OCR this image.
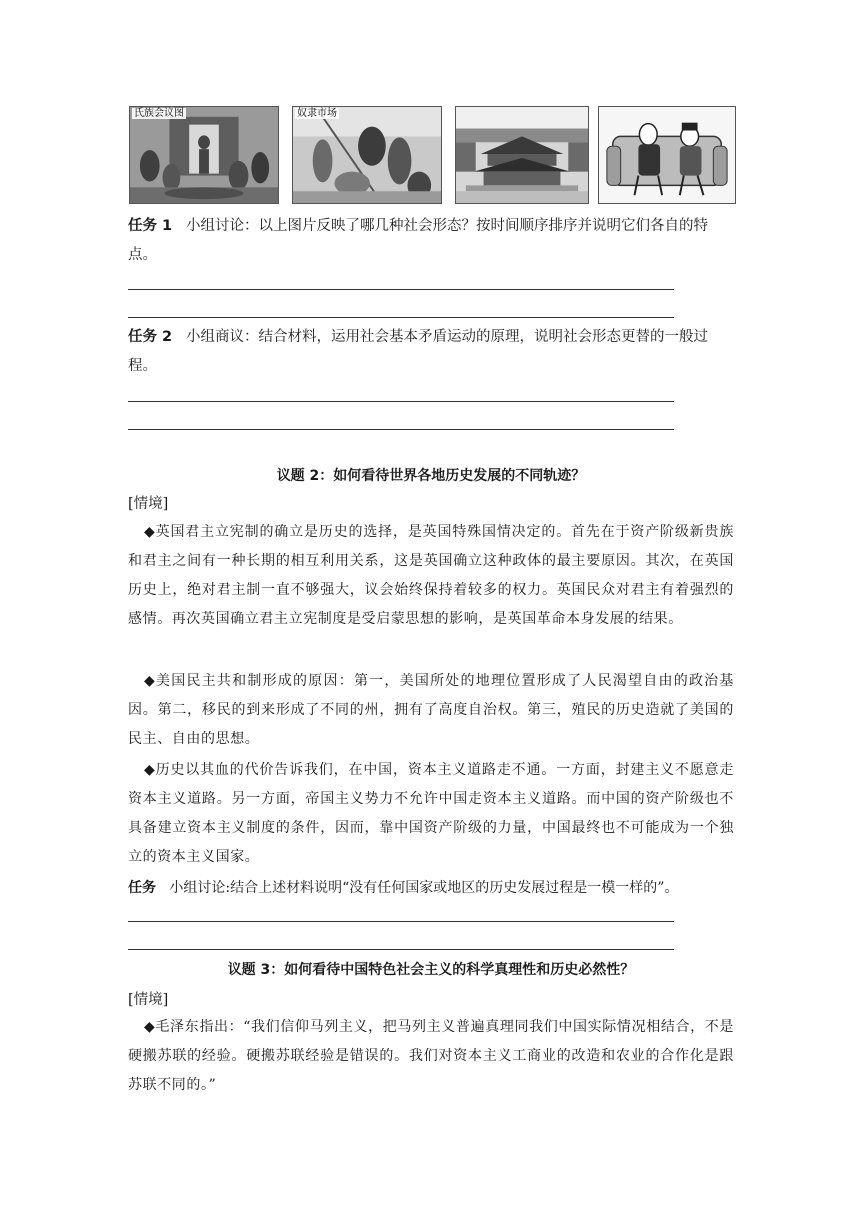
氏族会议图	奴隶市场
任务 1 小组讨论：以上图片反映了哪几种社会形态？按时间顺序排序并说明它们各自的特点。
任务 2 小组商议：结合材料，运用社会基本矛盾运动的原理，说明社会形态更替的一般过程。
议题 2：如何看待世界各地历史发展的不同轨迹？
[情境]
◆英国君主立宪制的确立是历史的选择，是英国特殊国情决定的。首先在于资产阶级新贵族和君主之间有一种长期的相互利用关系，这是英国确立这种政体的最主要原因。其次，在英国历史上，绝对君主制一直不够强大，议会始终保持着较多的权力。英国民众对君主有着强烈的感情。再次英国确立君主立宪制度是受启蒙思想的影响，是英国革命本身发展的结果。
◆美国民主共和制形成的原因：第一，美国所处的地理位置形成了人民渴望自由的政治基因。第二，移民的到来形成了不同的州，拥有了高度自治权。第三，殖民的历史造就了美国的民主、自由的思想。
◆历史以其血的代价告诉我们，在中国，资本主义道路走不通。一方面，封建主义不愿意走资本主义道路。另一方面，帝国主义势力不允许中国走资本主义道路。而中国的资产阶级也不具备建立资本主义制度的条件，因而，靠中国资产阶级的力量，中国最终也不可能成为一个独立的资本主义国家。
任务 小组讨论:结合上述材料说明“没有任何国家或地区的历史发展过程是一模一样的”。
议题 3：如何看待中国特色社会主义的科学真理性和历史必然性？
[情境]
◆毛泽东指出：“我们信仰马列主义，把马列主义普遍真理同我们中国实际情况相结合，不是硬搬苏联的经验。硬搬苏联经验是错误的。我们对资本主义工商业的改造和农业的合作化是跟苏联不同的。”
